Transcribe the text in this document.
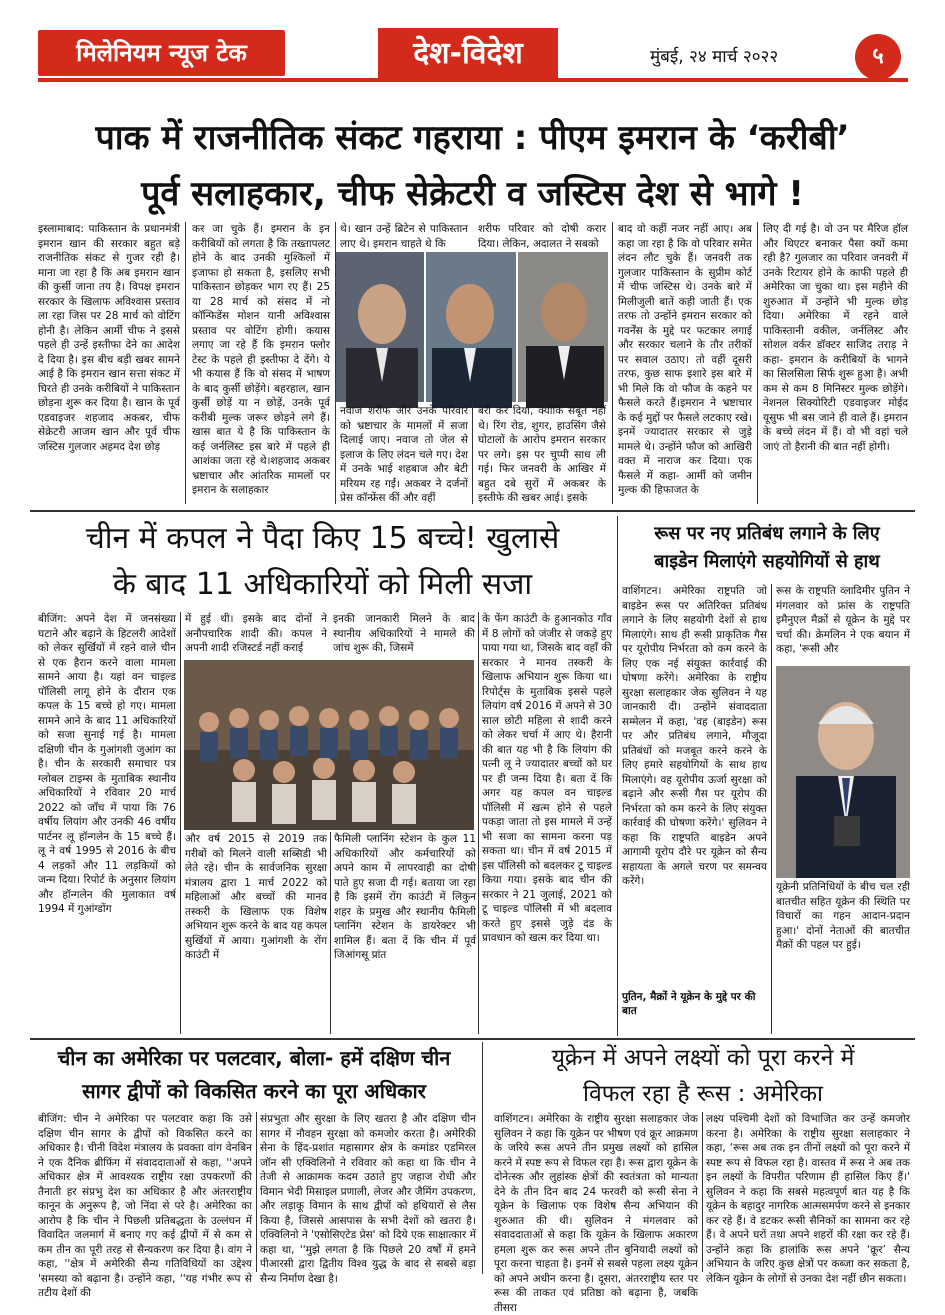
मिलेनियम न्यूज टेक	देश-विदेश	मुंबई, २४ मार्च २०२२	५
पाक में राजनीतिक संकट गहराया : पीएम इमरान के ‘करीबी’
पूर्व सलाहकार, चीफ सेक्रेटरी व जस्टिस देश से भागे !
इस्लामाबाद: पाकिस्तान के प्रधानमंत्री इमरान खान की सरकार बहुत बड़े राजनीतिक संकट से गुजर रही है। माना जा रहा है कि अब इमरान खान की कुर्सी जाना तय है। विपक्ष इमरान सरकार के खिलाफ अविश्वास प्रस्ताव ला रहा जिस पर 28 मार्च को वोटिंग होनी है। लेकिन आर्मी चीफ ने इससे पहले ही उन्हें इस्तीफा देने का आदेश दे दिया है। इस बीच बड़ी खबर सामने आई है कि इमरान खान सत्ता संकट में घिरते ही उनके करीबियों ने पाकिस्तान छोड़ना शुरू कर दिया है। खान के पूर्व एडवाइजर शहजाद अकबर, चीफ सेक्रेटरी आजम खान और पूर्व चीफ जस्टिस गुलजार अहमद देश छोड़
कर जा चुके हैं। इमरान के इन करीबियों को लगता है कि तख्तापलट होने के बाद उनकी मुश्किलों में इजाफा हो सकता है, इसलिए सभी पाकिस्तान छोड़कर भाग रए हैं। 25 या 28 मार्च को संसद में नो कॉन्फिडेंस मोशन यानी अविश्वास प्रस्ताव पर वोटिंग होगी। कयास लगाए जा रहे हैं कि इमरान फ्लोर टेस्ट के पहले ही इस्तीफा दे देंगे। ये भी कयास हैं कि वो संसद में भाषण के बाद कुर्सी छोड़ेंगे। बहरहाल, खान कुर्सी छोड़ें या न छोड़ें, उनके पूर्व करीबी मुल्क जरूर छोड़ने लगे हैं। खास बात ये है कि पाकिस्तान के कई जर्नलिस्ट इस बारे में पहले ही आशंका जता रहे थे।शहजाद अकबर भ्रष्टाचार और आंतरिक मामलों पर इमरान के सलाहकार
थे। खान उन्हें ब्रिटेन से पाकिस्तान लाए थे। इमरान चाहते थे कि
शरीफ परिवार को दोषी करार दिया। लेकिन, अदालत ने सबको
नवाज शरीफ और उनके परिवार को भ्रष्टाचार के मामलों में सजा दिलाई जाए। नवाज तो जेल से इलाज के लिए लंदन चले गए। देश में उनके भाई शहबाज और बेटी मरियम रह गईं। अकबर ने दर्जनों प्रेस कॉन्फ्रेंस कीं और वहीं
बरी कर दिया, क्योंकि सबूत नहीं थे। रिंग रोड, शुगर, हाउसिंग जैसे घोटालों के आरोप इमरान सरकार पर लगे। इस पर चुप्पी साध ली गई। फिर जनवरी के आखिर में बहुत दबे सुरों में अकबर के इस्तीफे की खबर आई। इसके
बाद वो कहीं नजर नहीं आए। अब कहा जा रहा है कि वो परिवार समेत लंदन लौट चुके हैं। जनवरी तक गुलजार पाकिस्तान के सुप्रीम कोर्ट में चीफ जस्टिस थे। उनके बारे में मिलीजुली बातें कही जाती हैं। एक तरफ तो उन्होंने इमरान सरकार को गवर्नेंस के मुद्दे पर फटकार लगाई और सरकार चलाने के तौर तरीकों पर सवाल उठाए। तो वहीं दूसरी तरफ, कुछ साफ इशारे इस बारे में भी मिले कि वो फौज के कहने पर फैसले करते हैं।इमरान ने भ्रष्टाचार के कई मुद्दों पर फैसले लटकाए रखे। इनमें ज्यादातर सरकार से जुड़े मामले थे। उन्होंने फौज को आखिरी वक्त में नाराज कर दिया। एक फैसले में कहा- आर्मी को जमीन मुल्क की हिफाजत के
लिए दी गई है। वो उन पर मैरिज हॉल और थिएटर बनाकर पैसा क्यों कमा रही है? गुलजार का परिवार जनवरी में उनके रिटायर होने के काफी पहले ही अमेरिका जा चुका था। इस महीने की शुरुआत में उन्होंने भी मुल्क छोड़ दिया। अमेरिका में रहने वाले पाकिस्तानी वकील, जर्नलिस्ट और सोशल वर्कर डॉक्टर साजिद तराड़ ने कहा- इमरान के करीबियों के भागने का सिलसिला सिर्फ शुरू हुआ है। अभी कम से कम 8 मिनिस्टर मुल्क छोड़ेंगे। नेशनल सिक्योरिटी एडवाइजर मोईद यूसुफ भी बस जाने ही वाले हैं। इमरान के बच्चे लंदन में हैं। वो भी वहां चले जाएं तो हैरानी की बात नहीं होगी।
चीन में कपल ने पैदा किए 15 बच्चे! खुलासे
के बाद 11 अधिकारियों को मिली सजा
बीजिंग: अपने देश में जनसंख्या घटाने और बढ़ाने के हिटलरी आदेशों को लेकर सुर्खियों में रहने वाले चीन से एक हैरान करने वाला मामला सामने आया है। यहां वन चाइल्ड पॉलिसी लागू होने के दौरान एक कपल के 15 बच्चे हो गए। मामला सामने आने के बाद 11 अधिकारियों को सजा सुनाई गई है। मामला दक्षिणी चीन के गुआंगशी जुआंग का है। चीन के सरकारी समाचार पत्र ग्लोबल टाइम्स के मुताबिक स्थानीय अधिकारियों ने रविवार 20 मार्च 2022 को जाँच में पाया कि 76 वर्षीय लियांग और उनकी 46 वर्षीय पार्टनर लू हॉन्गलेन के 15 बच्चे हैं। लू ने वर्ष 1995 से 2016 के बीच 4 लड़कों और 11 लड़कियों को जन्म दिया। रिपोर्ट के अनुसार लियांग और हॉन्गलेन की मुलाकात वर्ष 1994 में गुआंग्डोंग
में हुई थी। इसके बाद दोनों ने अनौपचारिक शादी की। कपल ने अपनी शादी रजिस्टर्ड नहीं कराई
इनकी जानकारी मिलने के बाद स्थानीय अधिकारियों ने मामले की जांच शुरू की, जिसमें
और वर्ष 2015 से 2019 तक गरीबों को मिलने वाली सब्सिडी भी लेते रहे। चीन के सार्वजनिक सुरक्षा मंत्रालय द्वारा 1 मार्च 2022 को महिलाओं और बच्चों की मानव तस्करी के खिलाफ एक विशेष अभियान शुरू करने के बाद यह कपल सुर्खियों में आया। गुआंगशी के रोंग काउंटी में
फैमिली प्लानिंग स्टेशन के कुल 11 अधिकारियों और कर्मचारियों को अपने काम में लापरवाही का दोषी पाते हुए सजा दी गई। बताया जा रहा है कि इसमें रोंग काउंटी में लिकुन शहर के प्रमुख और स्थानीय फैमिली प्लानिंग स्टेशन के डायरेक्टर भी शामिल हैं। बता दें कि चीन में पूर्व जिआंगसू प्रांत
के फेंग काउंटी के हुआनकोउ गाँव में 8 लोगों को जंजीर से जकड़े हुए पाया गया था, जिसके बाद वहाँ की सरकार ने मानव तस्करी के खिलाफ अभियान शुरू किया था। रिपोर्ट्स के मुताबिक इससे पहले लियांग वर्ष 2016 में अपने से 30 साल छोटी महिला से शादी करने को लेकर चर्चा में आए थे। हैरानी की बात यह भी है कि लियांग की पत्नी लू ने ज्यादातर बच्चों को घर पर ही जन्म दिया है। बता दें कि अगर यह कपल वन चाइल्ड पॉलिसी में खत्म होने से पहले पकड़ा जाता तो इस मामले में उन्हें भी सजा का सामना करना पड़ सकता था। चीन में वर्ष 2015 में इस पॉलिसी को बदलकर टू चाइल्ड किया गया। इसके बाद चीन की सरकार ने 21 जुलाई, 2021 को टू चाइल्ड पॉलिसी में भी बदलाव करते हुए इससे जुड़े दंड के प्रावधान को खत्म कर दिया था।
रूस पर नए प्रतिबंध लगाने के लिए
बाइडेन मिलाएंगे सहयोगियों से हाथ
वाशिंगटन। अमेरिका राष्ट्रपति जो बाइडेन रूस पर अतिरिक्त प्रतिबंध लगाने के लिए सहयोगी देशों से हाथ मिलाएंगे। साथ ही रूसी प्राकृतिक गैस पर यूरोपीय निर्भरता को कम करने के लिए एक नई संयुक्त कार्रवाई की घोषणा करेंगे। अमेरिका के राष्ट्रीय सुरक्षा सलाहकार जेक सुलिवन ने यह जानकारी दी। उन्होंने संवाददाता सम्मेलन में कहा, 'वह (बाइडेन) रूस पर और प्रतिबंध लगाने, मौजूदा प्रतिबंधों को मजबूत करने करने के लिए हमारे सहयोगियों के साथ हाथ मिलाएंगे। वह यूरोपीय ऊर्जा सुरक्षा को बढ़ाने और रूसी गैस पर यूरोप की निर्भरता को कम करने के लिए संयुक्त कार्रवाई की घोषणा करेंगे।' सुलिवन ने कहा कि राष्ट्रपति बाइडेन अपने आगामी यूरोप दौरे पर यूक्रेन को सैन्य सहायता के अगले चरण पर समन्वय करेंगे।
पुतिन, मैक्रों ने यूक्रेन के मुद्दे पर की बात
रूस के राष्ट्रपति व्लादिमीर पुतिन ने मंगलवार को फ्रांस के राष्ट्रपति इमैनुएल मैक्रों से यूक्रेन के मुद्दे पर चर्चा की। क्रेमलिन ने एक बयान में कहा, 'रूसी और
यूक्रेनी प्रतिनिधियों के बीच चल रही बातचीत सहित यूक्रेन की स्थिति पर विचारों का गहन आदान-प्रदान हुआ।' दोनों नेताओं की बातचीत मैक्रों की पहल पर हुई।
चीन का अमेरिका पर पलटवार, बोला- हमें दक्षिण चीन
सागर द्वीपों को विकसित करने का पूरा अधिकार
बीजिंग: चीन ने अमेरिका पर पलटवार कहा कि उसे दक्षिण चीन सागर के द्वीपों को विकसित करने का अधिकार है। चीनी विदेश मंत्रालय के प्रवक्ता वांग वेनबिन ने एक दैनिक ब्रीफिंग में संवाददाताओं से कहा, ''अपने अधिकार क्षेत्र में आवश्यक राष्ट्रीय रक्षा उपकरणों की तैनाती हर संप्रभु देश का अधिकार है और अंतरराष्ट्रीय कानून के अनुरूप है, जो निंदा से परे है। अमेरिका का आरोप है कि चीन ने पिछली प्रतिबद्धता के उल्लंघन में विवादित जलमार्ग में बनाए गए कई द्वीपों में से कम से कम तीन का पूरी तरह से सैन्यकरण कर दिया है। वांग ने कहा, ''क्षेत्र में अमेरिकी सैन्य गतिविधियों का उद्देश्य 'समस्या को बढ़ाना है। उन्होंने कहा, ''यह गंभीर रूप से तटीय देशों की
संप्रभुता और सुरक्षा के लिए खतरा है और दक्षिण चीन सागर में नौवहन सुरक्षा को कमजोर करता है। अमेरिकी सेना के हिंद-प्रशांत महासागर क्षेत्र के कमांडर एडमिरल जॉन सी एक्विलिनो ने रविवार को कहा था कि चीन ने तेजी से आक्रामक कदम उठाते हुए जहाज रोधी और विमान भेदी मिसाइल प्रणाली, लेजर और जैमिंग उपकरण, और लड़ाकू विमान के साथ द्वीपों को हथियारों से लैस किया है, जिससे आसपास के सभी देशों को खतरा है। एक्विलिनो ने 'एसोसिएटेड प्रेस' को दिये एक साक्षात्कार में कहा था, ''मुझे लगता है कि पिछले 20 वर्षों में हमने पीआरसी द्वारा द्वितीय विश्व युद्ध के बाद से सबसे बड़ा सैन्य निर्माण देखा है।
यूक्रेन में अपने लक्ष्यों को पूरा करने में
विफल रहा है रूस : अमेरिका
वाशिंगटन। अमेरिका के राष्ट्रीय सुरक्षा सलाहकार जेक सुलिवन ने कहा कि यूक्रेन पर भीषण एवं क्रूर आक्रमण के जरिये रूस अपने तीन प्रमुख लक्ष्यों को हासिल करने में स्पष्ट रूप से विफल रहा है। रूस द्वारा यूक्रेन के दोनेत्स्क और लुहांस्क क्षेत्रों की स्वतंत्रता को मान्यता देने के तीन दिन बाद 24 फरवरी को रूसी सेना ने यूक्रेन के खिलाफ एक विशेष सैन्य अभियान की शुरुआत की थी। सुलिवन ने मंगलवार को संवाददाताओं से कहा कि यूक्रेन के खिलाफ अकारण हमला शुरू कर रूस अपने तीन बुनियादी लक्ष्यों को पूरा करना चाहता है। इनमें से सबसे पहला लक्ष्य यूक्रेन को अपने अधीन करना है। दूसरा, अंतरराष्ट्रीय स्तर पर रूस की ताकत एवं प्रतिष्ठा को बढ़ाना है, जबकि तीसरा
लक्ष्य पश्चिमी देशों को विभाजित कर उन्हें कमजोर करना है। अमेरिका के राष्ट्रीय सुरक्षा सलाहकार ने कहा, ‘रूस अब तक इन तीनों लक्ष्यों को पूरा करने में स्पष्ट रूप से विफल रहा है। वास्तव में रूस ने अब तक इन लक्ष्यों के विपरीत परिणाम ही हासिल किए हैं।' सुलिवन ने कहा कि सबसे महत्वपूर्ण बात यह है कि यूक्रेन के बहादुर नागरिक आत्मसमर्पण करने से इनकार कर रहे हैं। वे डटकर रूसी सैनिकों का सामना कर रहे हैं। वे अपने घरों तथा अपने शहरों की रक्षा कर रहे हैं। उन्होंने कहा कि हालांकि रूस अपने ‘क्रूर’ सैन्य अभियान के जरिए कुछ क्षेत्रों पर कब्जा कर सकता है, लेकिन यूक्रेन के लोगों से उनका देश नहीं छीन सकता।
